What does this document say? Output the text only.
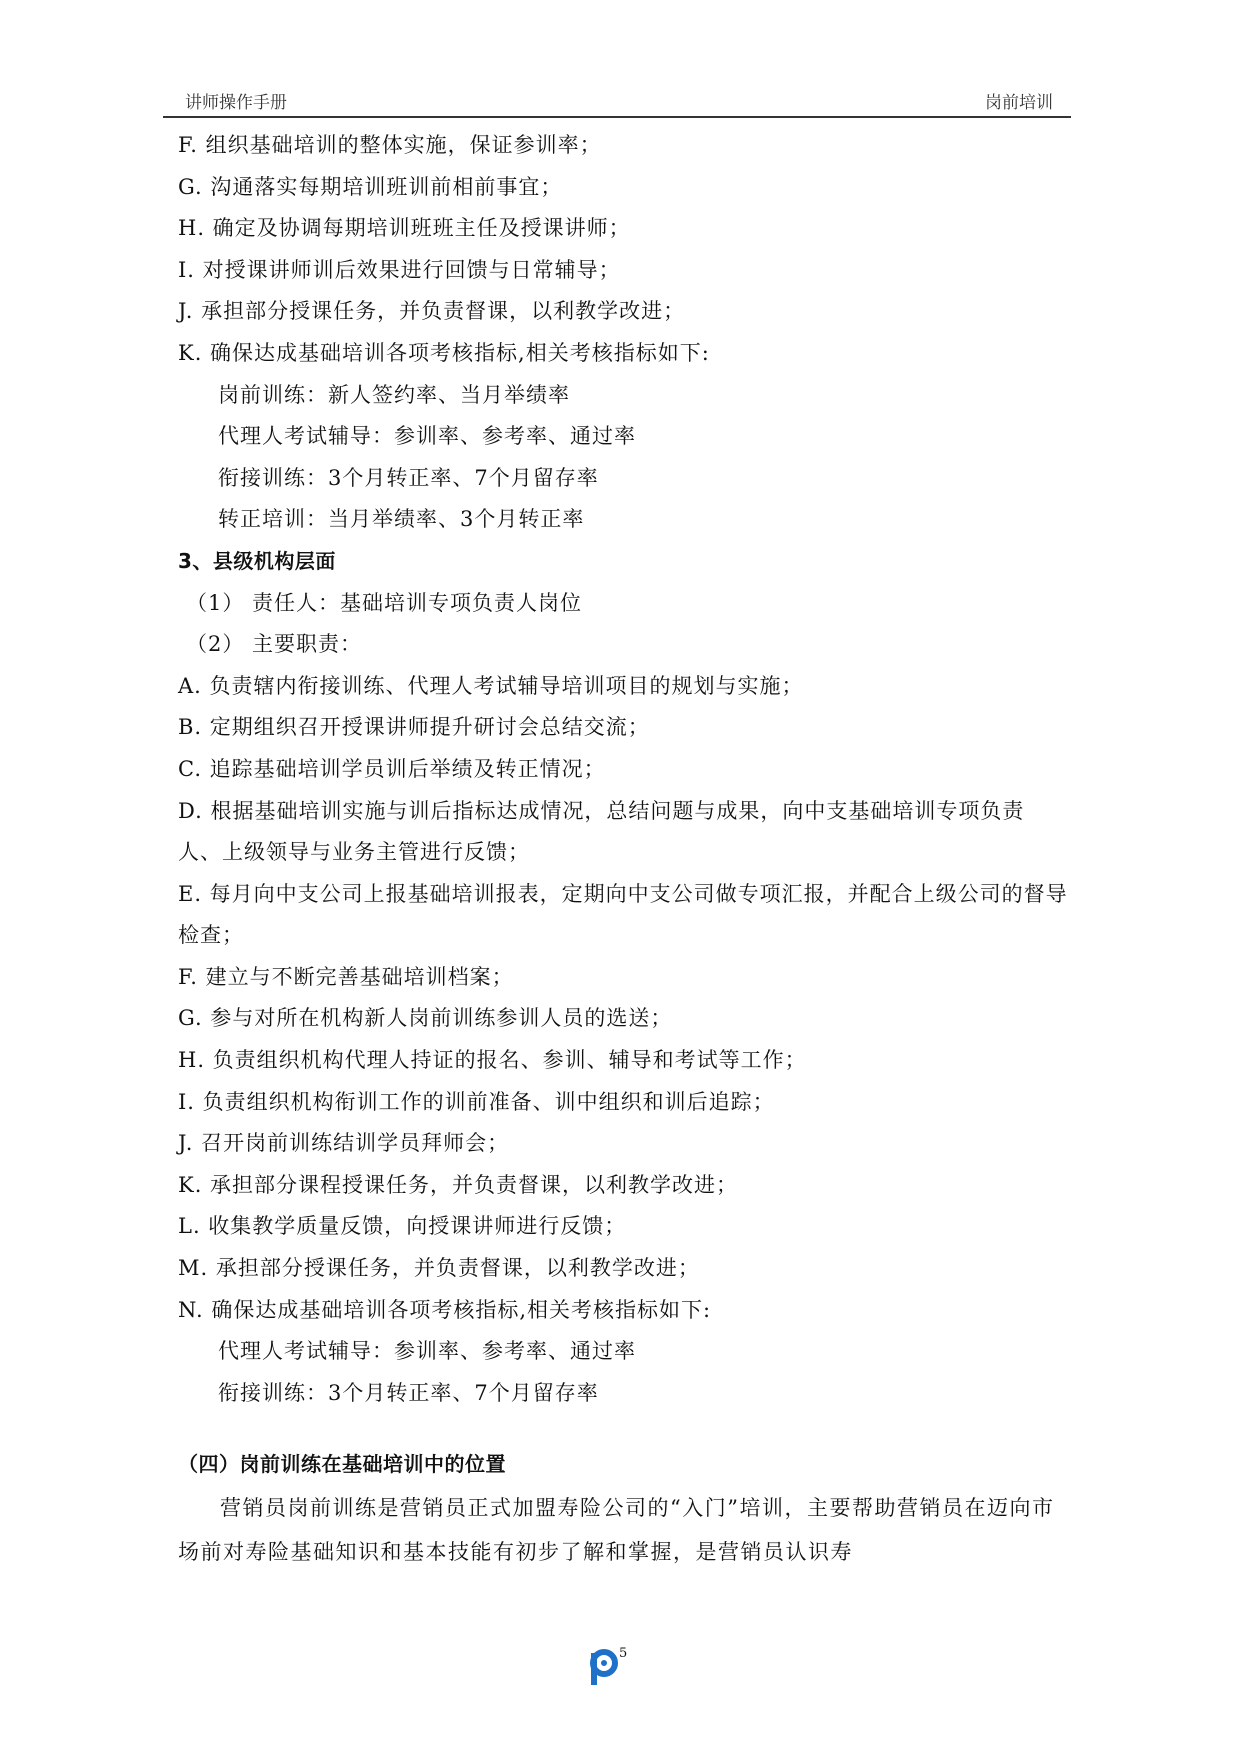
讲师操作手册	岗前培训
F. 组织基础培训的整体实施，保证参训率；
G. 沟通落实每期培训班训前相前事宜；
H. 确定及协调每期培训班班主任及授课讲师；
I. 对授课讲师训后效果进行回馈与日常辅导；
J. 承担部分授课任务，并负责督课，以利教学改进；
K. 确保达成基础培训各项考核指标,相关考核指标如下:
岗前训练：新人签约率、当月举绩率
代理人考试辅导：参训率、参考率、通过率
衔接训练：3个月转正率、7个月留存率
转正培训：当月举绩率、3个月转正率
3、县级机构层面
（1） 责任人：基础培训专项负责人岗位
（2） 主要职责：
A. 负责辖内衔接训练、代理人考试辅导培训项目的规划与实施；
B. 定期组织召开授课讲师提升研讨会总结交流；
C. 追踪基础培训学员训后举绩及转正情况；
D. 根据基础培训实施与训后指标达成情况，总结问题与成果，向中支基础培训专项负责人、上级领导与业务主管进行反馈；
E. 每月向中支公司上报基础培训报表，定期向中支公司做专项汇报，并配合上级公司的督导检查；
F. 建立与不断完善基础培训档案；
G. 参与对所在机构新人岗前训练参训人员的选送；
H. 负责组织机构代理人持证的报名、参训、辅导和考试等工作；
I. 负责组织机构衔训工作的训前准备、训中组织和训后追踪；
J. 召开岗前训练结训学员拜师会；
K. 承担部分课程授课任务，并负责督课，以利教学改进；
L. 收集教学质量反馈，向授课讲师进行反馈；
M. 承担部分授课任务，并负责督课，以利教学改进；
N. 确保达成基础培训各项考核指标,相关考核指标如下:
代理人考试辅导：参训率、参考率、通过率
衔接训练：3个月转正率、7个月留存率
（四）岗前训练在基础培训中的位置
营销员岗前训练是营销员正式加盟寿险公司的“入门”培训，主要帮助营销员在迈向市场前对寿险基础知识和基本技能有初步了解和掌握，是营销员认识寿
5
